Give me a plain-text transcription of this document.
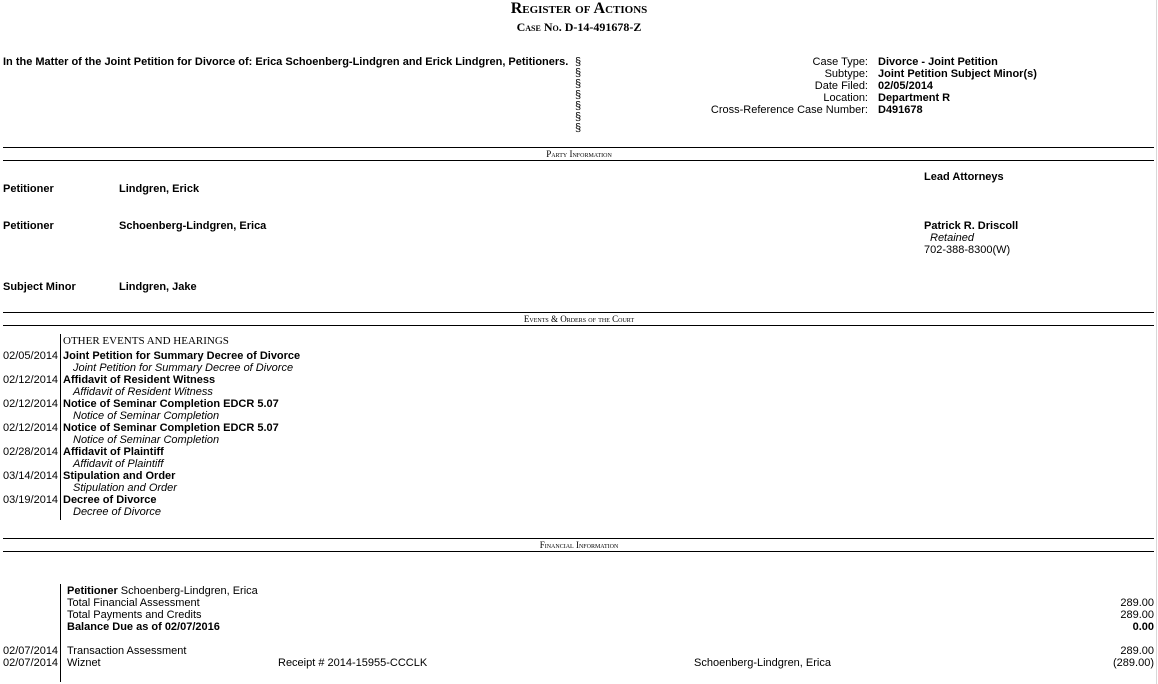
Register of Actions
Case No. D-14-491678-Z
In the Matter of the Joint Petition for Divorce of: Erica Schoenberg-Lindgren and Erick Lindgren, Petitioners. §
§
§
§
§
§
§
Case Type: Divorce - Joint Petition
Subtype: Joint Petition Subject Minor(s)
Date Filed: 02/05/2014
Location: Department R
Cross-Reference Case Number: D491678
Party Information
Lead Attorneys
Petitioner	Lindgren, Erick
Petitioner	Schoenberg-Lindgren, Erica	Patrick R. Driscoll
Retained
702-388-8300(W)
Subject Minor	Lindgren, Jake
Events & Orders of the Court
OTHER EVENTS AND HEARINGS
02/05/2014 Joint Petition for Summary Decree of Divorce
Joint Petition for Summary Decree of Divorce
02/12/2014 Affidavit of Resident Witness
Affidavit of Resident Witness
02/12/2014 Notice of Seminar Completion EDCR 5.07
Notice of Seminar Completion
02/12/2014 Notice of Seminar Completion EDCR 5.07
Notice of Seminar Completion
02/28/2014 Affidavit of Plaintiff
Affidavit of Plaintiff
03/14/2014 Stipulation and Order
Stipulation and Order
03/19/2014 Decree of Divorce
Decree of Divorce
Financial Information
Petitioner Schoenberg-Lindgren, Erica
Total Financial Assessment	289.00
Total Payments and Credits	289.00
Balance Due as of 02/07/2016	0.00
02/07/2014 Transaction Assessment	289.00
02/07/2014 Wiznet	Receipt # 2014-15955-CCCLK	Schoenberg-Lindgren, Erica	(289.00)
